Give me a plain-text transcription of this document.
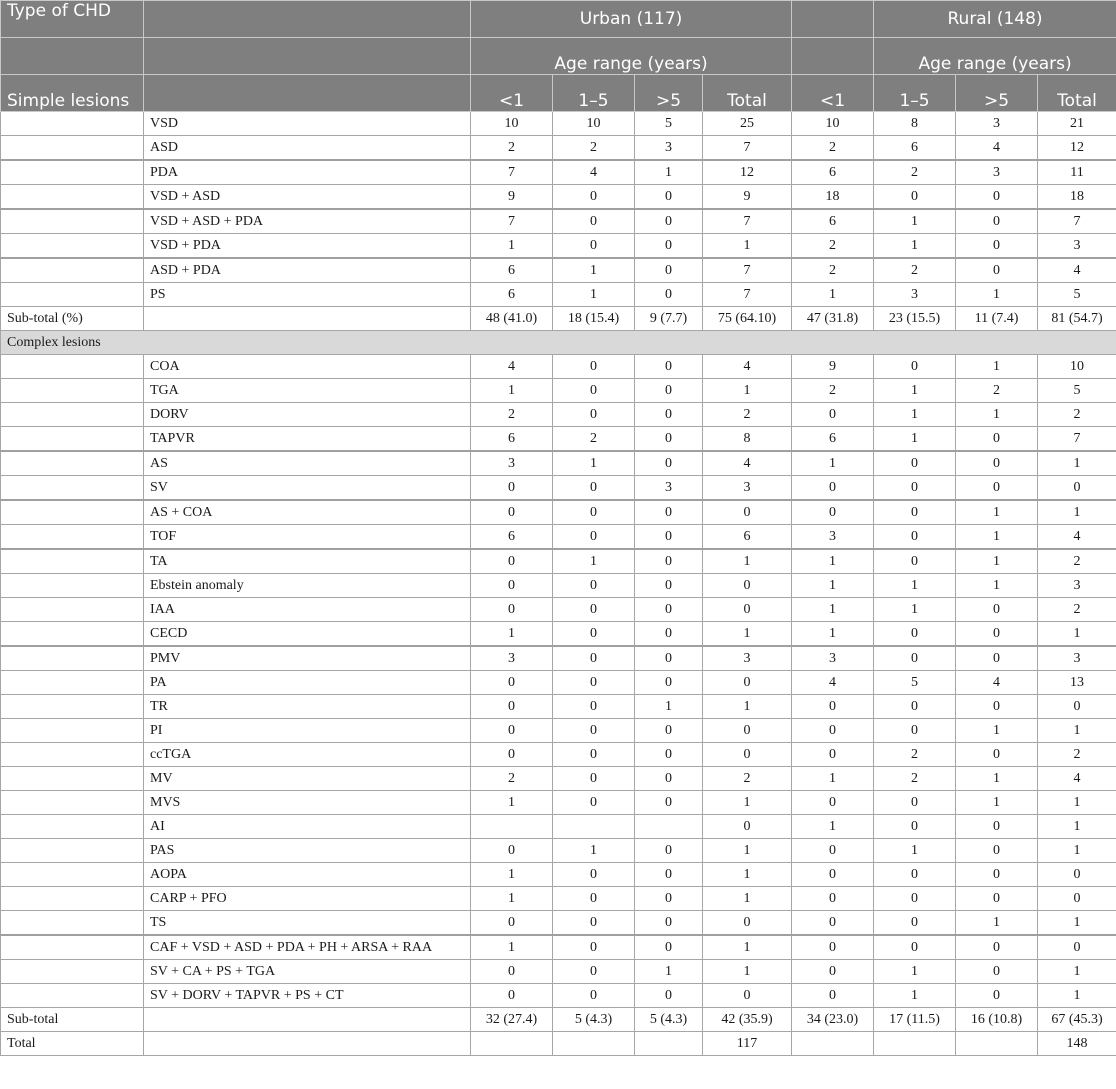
Type of CHD		Urban (117)					Rural (148)		
		Age range (years)					Age range (years)		
Simple lesions		<1	1–5	>5	Total	<1	1–5	>5	Total
	VSD	10	10	5	25	10	8	3	21
	ASD	2	2	3	7	2	6	4	12
	PDA	7	4	1	12	6	2	3	11
	VSD + ASD	9	0	0	9	18	0	0	18
	VSD + ASD + PDA	7	0	0	7	6	1	0	7
	VSD + PDA	1	0	0	1	2	1	0	3
	ASD + PDA	6	1	0	7	2	2	0	4
	PS	6	1	0	7	1	3	1	5
Sub-total (%)		48 (41.0)	18 (15.4)	9 (7.7)	75 (64.10)	47 (31.8)	23 (15.5)	11 (7.4)	81 (54.7)
Complex lesions									
	COA	4	0	0	4	9	0	1	10
	TGA	1	0	0	1	2	1	2	5
	DORV	2	0	0	2	0	1	1	2
	TAPVR	6	2	0	8	6	1	0	7
	AS	3	1	0	4	1	0	0	1
	SV	0	0	3	3	0	0	0	0
	AS + COA	0	0	0	0	0	0	1	1
	TOF	6	0	0	6	3	0	1	4
	TA	0	1	0	1	1	0	1	2
	Ebstein anomaly	0	0	0	0	1	1	1	3
	IAA	0	0	0	0	1	1	0	2
	CECD	1	0	0	1	1	0	0	1
	PMV	3	0	0	3	3	0	0	3
	PA	0	0	0	0	4	5	4	13
	TR	0	0	1	1	0	0	0	0
	PI	0	0	0	0	0	0	1	1
	ccTGA	0	0	0	0	0	2	0	2
	MV	2	0	0	2	1	2	1	4
	MVS	1	0	0	1	0	0	1	1
	AI				0	1	0	0	1
	PAS	0	1	0	1	0	1	0	1
	AOPA	1	0	0	1	0	0	0	0
	CARP + PFO	1	0	0	1	0	0	0	0
	TS	0	0	0	0	0	0	1	1
	CAF + VSD + ASD + PDA + PH + ARSA + RAA	1	0	0	1	0	0	0	0
	SV + CA + PS + TGA	0	0	1	1	0	1	0	1
	SV + DORV + TAPVR + PS + CT	0	0	0	0	0	1	0	1
Sub-total		32 (27.4)	5 (4.3)	5 (4.3)	42 (35.9)	34 (23.0)	17 (11.5)	16 (10.8)	67 (45.3)
Total					117				148
